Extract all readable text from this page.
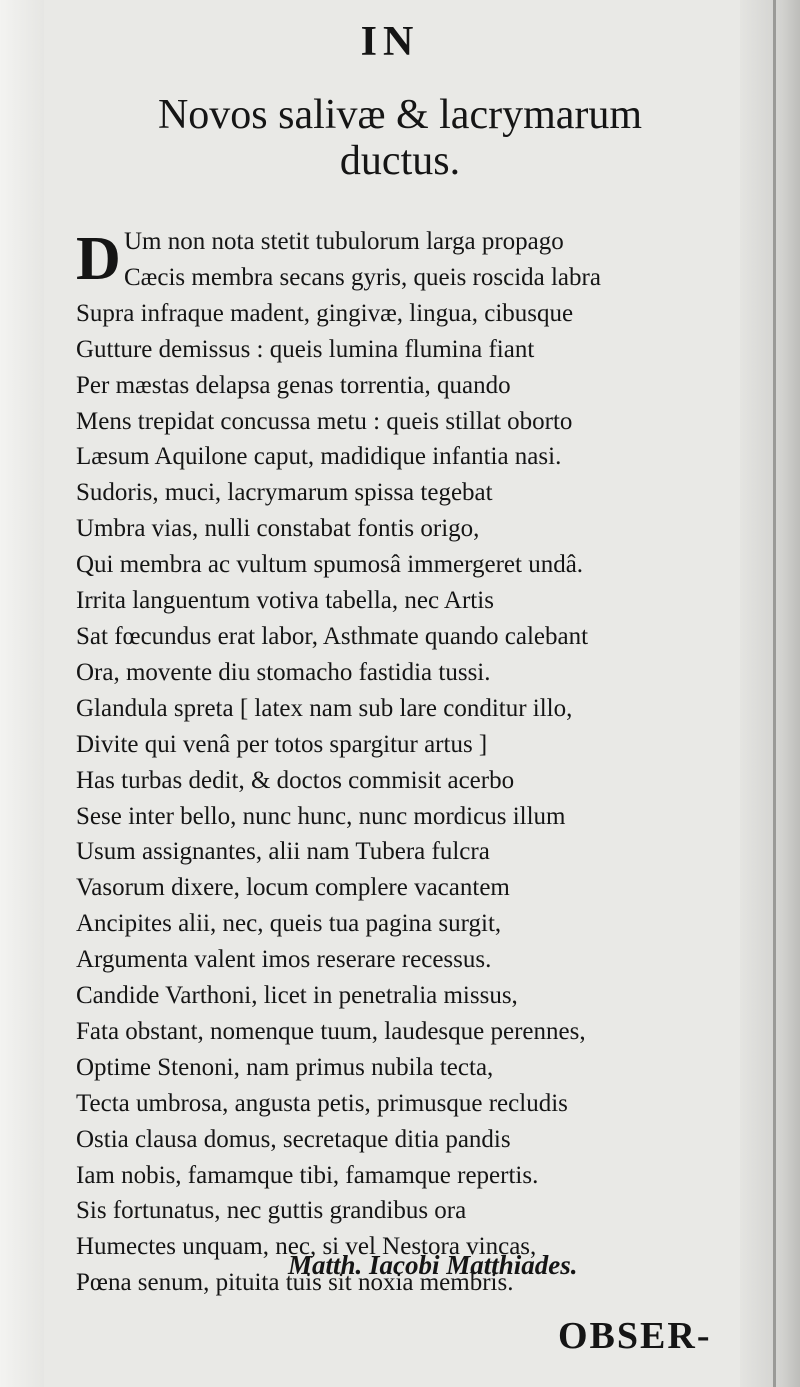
IN
Novos salivæ & lacrymarum
ductus.
D Um non nota stetit tubulorum larga propago
Cæcis membra secans gyris, queis roscida labra
Supra infraque madent, gingivæ, lingua, cibusque
Gutture demissus : queis lumina flumina fiant
Per mæstas delapsa genas torrentia, quando
Mens trepidat concussa metu : queis stillat oborto
Læsum Aquilone caput, madidique infantia nasi.
Sudoris, muci, lacrymarum spissa tegebat
Umbra vias, nulli constabat fontis origo,
Qui membra ac vultum spumosâ immergeret undâ.
Irrita languentum votiva tabella, nec Artis
Sat fœcundus erat labor, Asthmate quando calebant
Ora, movente diu stomacho fastidia tussi.
Glandula spreta [ latex nam sub lare conditur illo,
Divite qui venâ per totos spargitur artus ]
Has turbas dedit, & doctos commisit acerbo
Sese inter bello, nunc hunc, nunc mordicus illum
Usum assignantes, alii nam Tubera fulcra
Vasorum dixere, locum complere vacantem
Ancipites alii, nec, queis tua pagina surgit,
Argumenta valent imos reserare recessus.
Candide Varthoni, licet in penetralia missus,
Fata obstant, nomenque tuum, laudesque perennes,
Optime Stenoni, nam primus nubila tecta,
Tecta umbrosa, angusta petis, primusque recludis
Ostia clausa domus, secretaque ditia pandis
Iam nobis, famamque tibi, famamque repertis.
Sis fortunatus, nec guttis grandibus ora
Humectes unquam, nec, si vel Nestora vincas,
Pœna senum, pituita tuis sit noxia membris.
Matth. Iacobi Matthiades.
OBSER-
